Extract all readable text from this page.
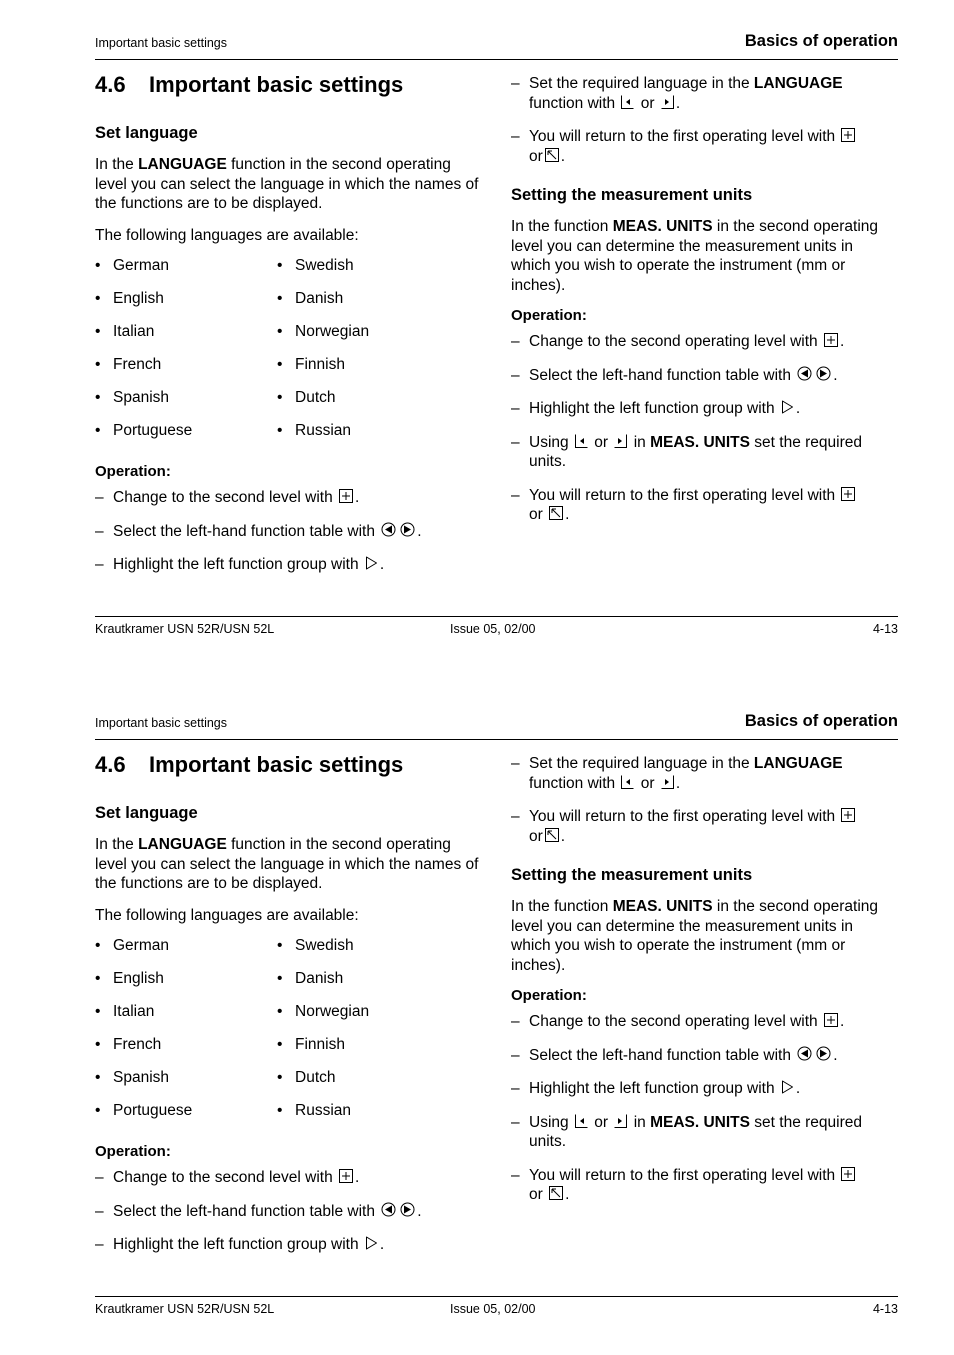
Important basic settings	Basics of operation
4.6	Important basic settings
Set language

In the LANGUAGE function in the second operating level you can select the language in which the names of the functions are to be displayed.

The following languages are available:

• German	• Swedish
• English	• Danish
• Italian	• Norwegian
• French	• Finnish
• Spanish	• Dutch
• Portuguese	• Russian
Operation:
– Change to the second level with .
– Select the left-hand function table with	.
– Highlight the left function group with .
– Set the required language in the LANGUAGE
function with or .
– You will return to the first operating level with

or .
Setting the measurement units

In the function MEAS. UNITS in the second operating level you can determine the measurement units in which you wish to operate the instrument (mm or inches).

Operation:
– Change to the second operating level with .
– Select the left-hand function table with	.
– Highlight the left function group with .
– Using or in MEAS. UNITS set the required units.
– You will return to the first operating level with

or .
Krautkramer USN 52R/USN 52L	Issue 05, 02/00	4-13
Important basic settings	Basics of operation
4.6	Important basic settings
Set language

In the LANGUAGE function in the second operating level you can select the language in which the names of the functions are to be displayed.

The following languages are available:

• German	• Swedish
• English	• Danish
• Italian	• Norwegian
• French	• Finnish
• Spanish	• Dutch
• Portuguese	• Russian
Operation:
– Change to the second level with .
– Select the left-hand function table with	.
– Highlight the left function group with .
– Set the required language in the LANGUAGE
function with or .
– You will return to the first operating level with

or .
Setting the measurement units

In the function MEAS. UNITS in the second operating level you can determine the measurement units in which you wish to operate the instrument (mm or inches).

Operation:
– Change to the second operating level with .
– Select the left-hand function table with	.
– Highlight the left function group with .
– Using or in MEAS. UNITS set the required units.
– You will return to the first operating level with

or .
Krautkramer USN 52R/USN 52L	Issue 05, 02/00	4-13
